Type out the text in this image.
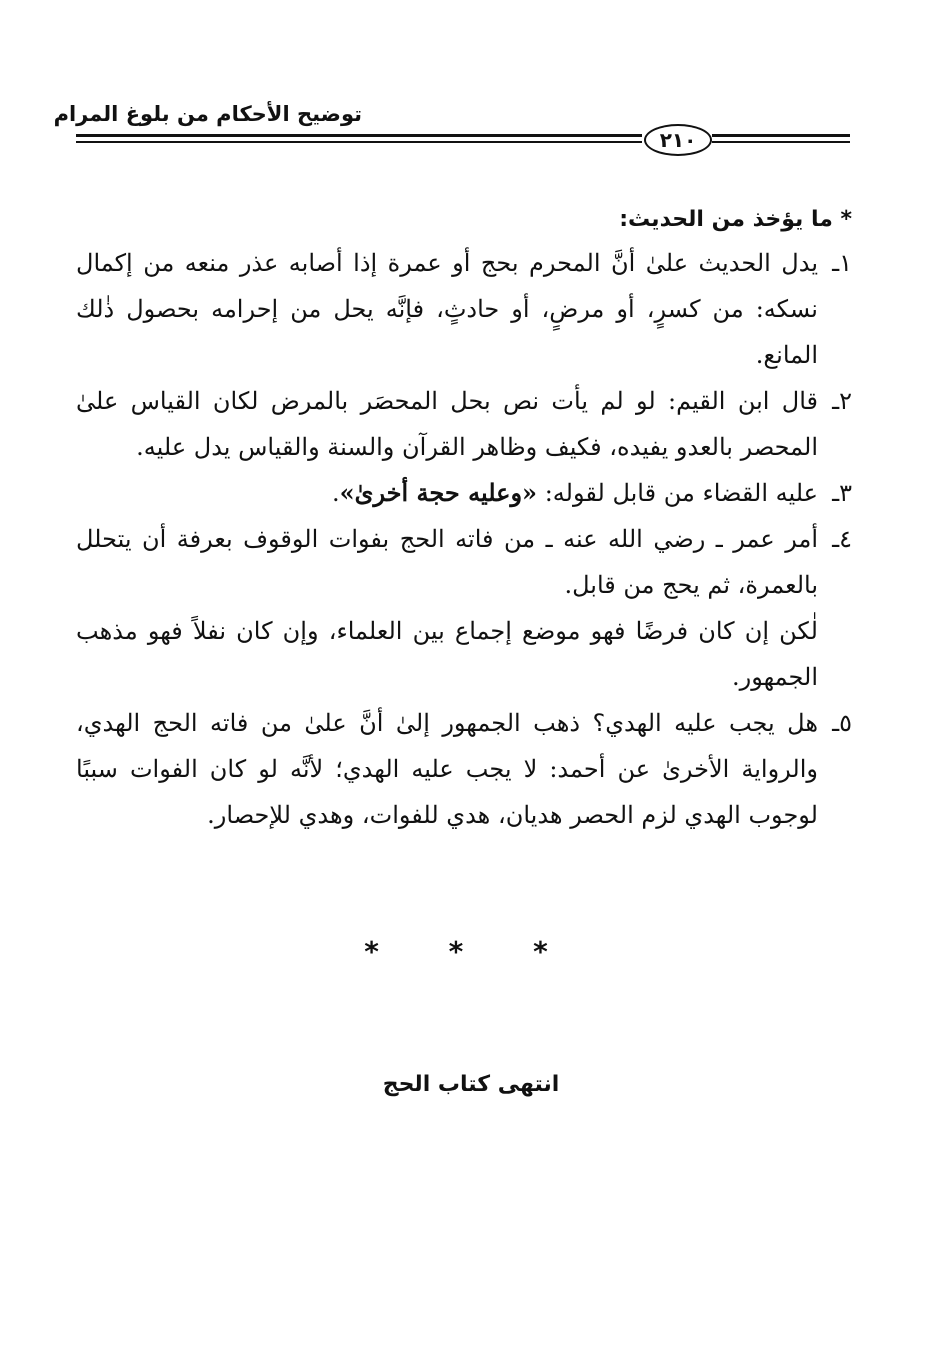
توضيح الأحكام من بلوغ المرام
٢١٠

* ما يؤخذ من الحديث:

١ـ
يدل الحديث علىٰ أنَّ المحرم بحج أو عمرة إذا أصابه عذر منعه من إكمال نسكه: من كسرٍ، أو مرضٍ، أو حادثٍ، فإنَّه يحل من إحرامه بحصول ذٰلك المانع.
٢ـ
قال ابن القيم: لو لم يأت نص بحل المحصَر بالمرض لكان القياس علىٰ المحصر بالعدو يفيده، فكيف وظاهر القرآن والسنة والقياس يدل عليه.
٣ـ
عليه القضاء من قابل لقوله: «وعليه حجة أخرىٰ».
٤ـ
أمر عمر ـ رضي الله عنه ـ من فاته الحج بفوات الوقوف بعرفة أن يتحلل بالعمرة، ثم يحج من قابل.

لٰكن إن كان فرضًا فهو موضع إجماع بين العلماء، وإن كان نفلاً فهو مذهب الجمهور.

٥ـ
هل يجب عليه الهدي؟ ذهب الجمهور إلىٰ أنَّ علىٰ من فاته الحج الهدي، والرواية الأخرىٰ عن أحمد: لا يجب عليه الهدي؛ لأنَّه لو كان الفوات سببًا لوجوب الهدي لزم الحصر هديان، هدي للفوات، وهدي للإحصار.
* * *
انتهى كتاب الحج
